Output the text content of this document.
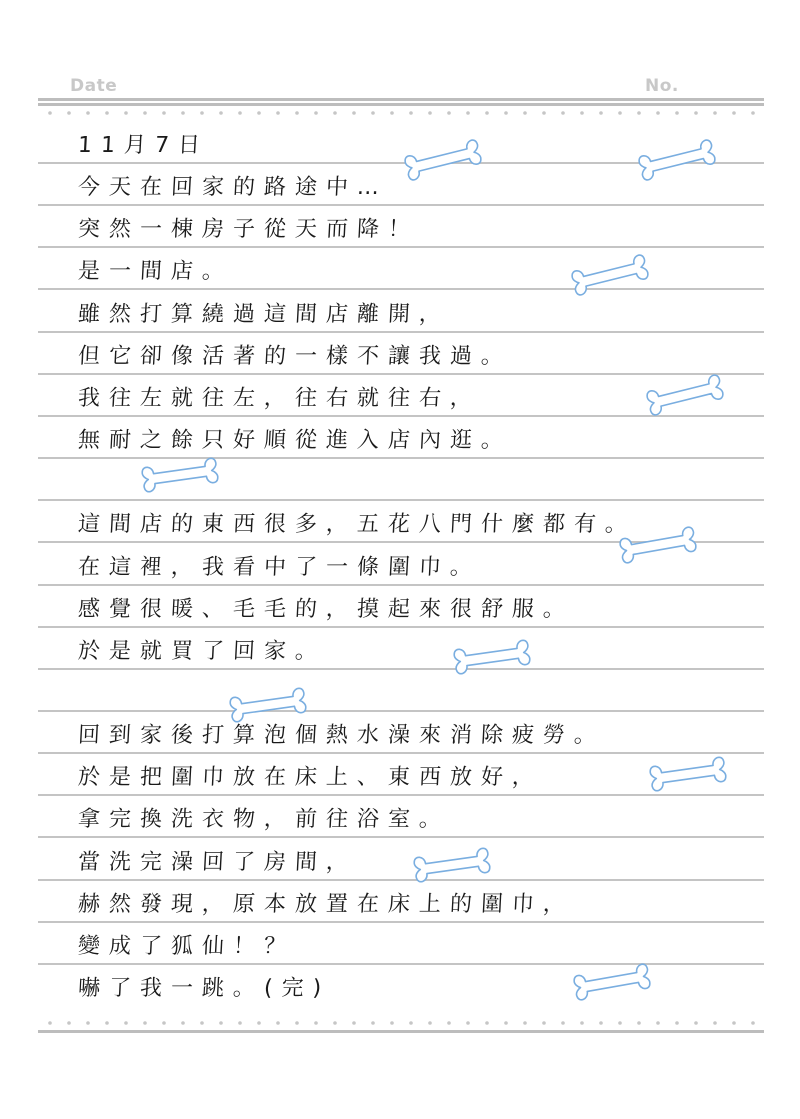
Date	No.
11月7日
今天在回家的路途中…
突然一棟房子從天而降！
是一間店。
雖然打算繞過這間店離開，
但它卻像活著的一樣不讓我過。
我往左就往左，往右就往右，
無耐之餘只好順從進入店內逛。
這間店的東西很多，五花八門什麼都有。
在這裡，我看中了一條圍巾。
感覺很暖、毛毛的，摸起來很舒服。
於是就買了回家。
回到家後打算泡個熱水澡來消除疲勞。
於是把圍巾放在床上、東西放好，
拿完換洗衣物，前往浴室。
當洗完澡回了房間，
赫然發現，原本放置在床上的圍巾，
變成了狐仙！？
嚇了我一跳。(完)
